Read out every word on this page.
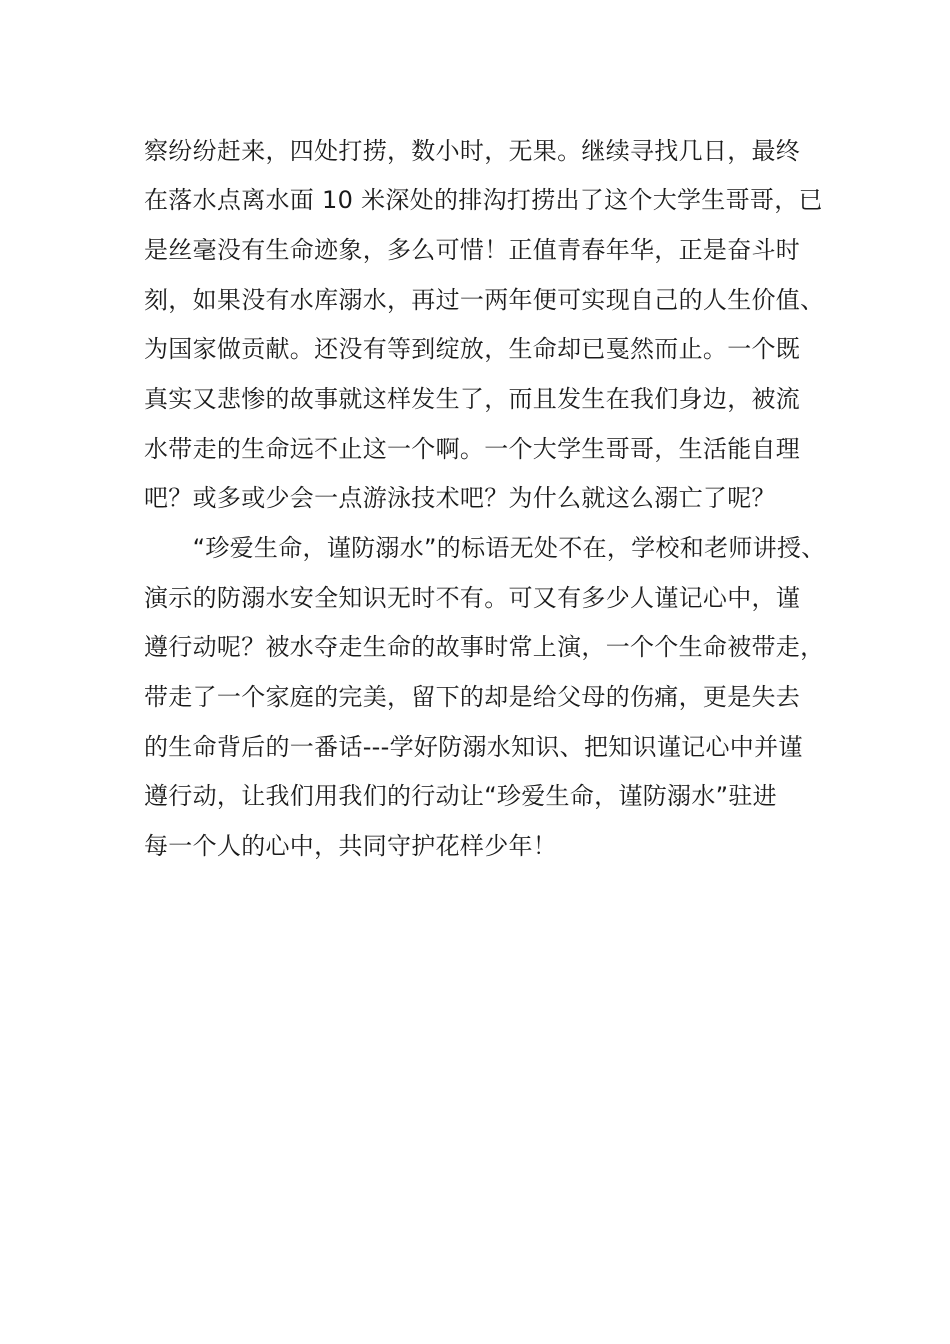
察纷纷赶来，四处打捞，数小时，无果。继续寻找几日，最终
在落水点离水面 10 米深处的排沟打捞出了这个大学生哥哥，已
是丝毫没有生命迹象，多么可惜！正值青春年华，正是奋斗时
刻，如果没有水库溺水，再过一两年便可实现自己的人生价值、
为国家做贡献。还没有等到绽放，生命却已戛然而止。一个既
真实又悲惨的故事就这样发生了，而且发生在我们身边，被流
水带走的生命远不止这一个啊。一个大学生哥哥，生活能自理
吧？或多或少会一点游泳技术吧？为什么就这么溺亡了呢？
　　“珍爱生命，谨防溺水”的标语无处不在，学校和老师讲授、
演示的防溺水安全知识无时不有。可又有多少人谨记心中，谨
遵行动呢？被水夺走生命的故事时常上演，一个个生命被带走，
带走了一个家庭的完美，留下的却是给父母的伤痛，更是失去
的生命背后的一番话---学好防溺水知识、把知识谨记心中并谨
遵行动，让我们用我们的行动让“珍爱生命，谨防溺水”驻进
每一个人的心中，共同守护花样少年！
